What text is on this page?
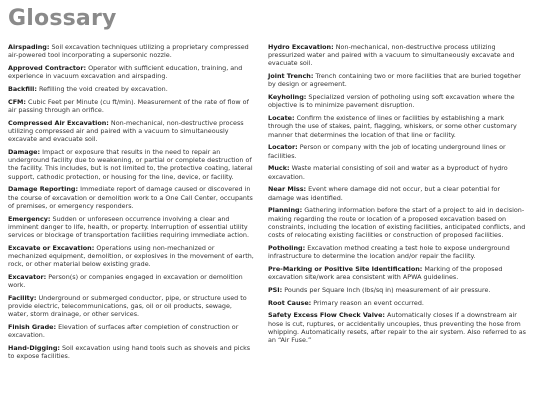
Glossary

Airspading: Soil excavation techniques utilizing a proprietary compressed air-powered tool incorporating a supersonic nozzle.

Approved Contractor: Operator with sufficient education, training, and experience in vacuum excavation and airspading.

Backfill: Refilling the void created by excavation.

CFM: Cubic Feet per Minute (cu ft/min). Measurement of the rate of flow of air passing through an orifice.

Compressed Air Excavation: Non-mechanical, non-destructive process utilizing compressed air and paired with a vacuum to simultaneously excavate and evacuate soil.

Damage: Impact or exposure that results in the need to repair an underground facility due to weakening, or partial or complete destruction of the facility. This includes, but is not limited to, the protective coating, lateral support, cathodic protection, or housing for the line, device, or facility.

Damage Reporting: Immediate report of damage caused or discovered in the course of excavation or demolition work to a One Call Center, occupants of premises, or emergency responders.

Emergency: Sudden or unforeseen occurrence involving a clear and imminent danger to life, health, or property. Interruption of essential utility services or blockage of transportation facilities requiring immediate action.

Excavate or Excavation: Operations using non-mechanized or mechanized equipment, demolition, or explosives in the movement of earth, rock, or other material below existing grade.

Excavator: Person(s) or companies engaged in excavation or demolition work.

Facility: Underground or submerged conductor, pipe, or structure used to provide electric, telecommunications, gas, oil or oil products, sewage, water, storm drainage, or other services.

Finish Grade: Elevation of surfaces after completion of construction or excavation.

Hand-Digging: Soil excavation using hand tools such as shovels and picks to expose facilities.

Hydro Excavation: Non-mechanical, non-destructive process utilizing pressurized water and paired with a vacuum to simultaneously excavate and evacuate soil.

Joint Trench: Trench containing two or more facilities that are buried together by design or agreement.

Keyholing: Specialized version of potholing using soft excavation where the objective is to minimize pavement disruption.

Locate: Confirm the existence of lines or facilities by establishing a mark through the use of stakes, paint, flagging, whiskers, or some other customary manner that determines the location of that line or facility.

Locator: Person or company with the job of locating underground lines or facilities.

Muck: Waste material consisting of soil and water as a byproduct of hydro excavation.

Near Miss: Event where damage did not occur, but a clear potential for damage was identified.

Planning: Gathering information before the start of a project to aid in decision-making regarding the route or location of a proposed excavation based on constraints, including the location of existing facilities, anticipated conflicts, and costs of relocating existing facilities or construction of proposed facilities.

Potholing: Excavation method creating a test hole to expose underground infrastructure to determine the location and/or repair the facility.

Pre-Marking or Positive Site Identification: Marking of the proposed excavation site/work area consistent with APWA guidelines.

PSI: Pounds per Square Inch (lbs/sq in) measurement of air pressure.

Root Cause: Primary reason an event occurred.

Safety Excess Flow Check Valve: Automatically closes if a downstream air hose is cut, ruptures, or accidentally uncouples, thus preventing the hose from whipping. Automatically resets, after repair to the air system. Also referred to as an “Air Fuse.”
